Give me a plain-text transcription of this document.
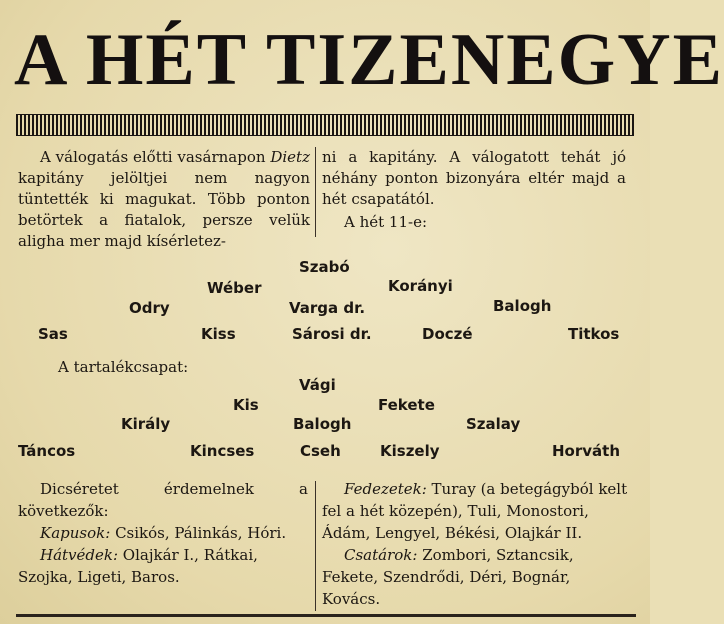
A HÉT TIZENEGYE

A válogatás előtti vasárnapon Dietz kapitány jelöltjei nem nagyon tüntették ki magukat. Több ponton betörtek a fiatalok, persze velük aligha mer majd kísérletez-

ni a kapitány. A válogatott tehát jó néhány ponton bizonyára eltér majd a hét csapatától.

A hét 11-e:

Szabó
Wéber	Korányi
Odry	Varga dr.	Balogh
Sas	Kiss	Sárosi dr.	Doczé	Titkos
A tartalékcsapat:
Vági
Kis	Fekete
Király	Balogh	Szalay
Táncos	Kincses	Cseh	Kiszely	Horváth

Dicséretet érdemelnek a következők:

Kapusok: Csikós, Pálinkás, Hóri.

Hátvédek: Olajkár I., Rátkai, Szojka, Ligeti, Baros.

Fedezetek: Turay (a betegágyból kelt fel a hét közepén), Tuli, Monostori, Ádám, Lengyel, Békési, Olajkár II.

Csatárok: Zombori, Sztancsik, Fekete, Szendrődi, Déri, Bognár, Kovács.
